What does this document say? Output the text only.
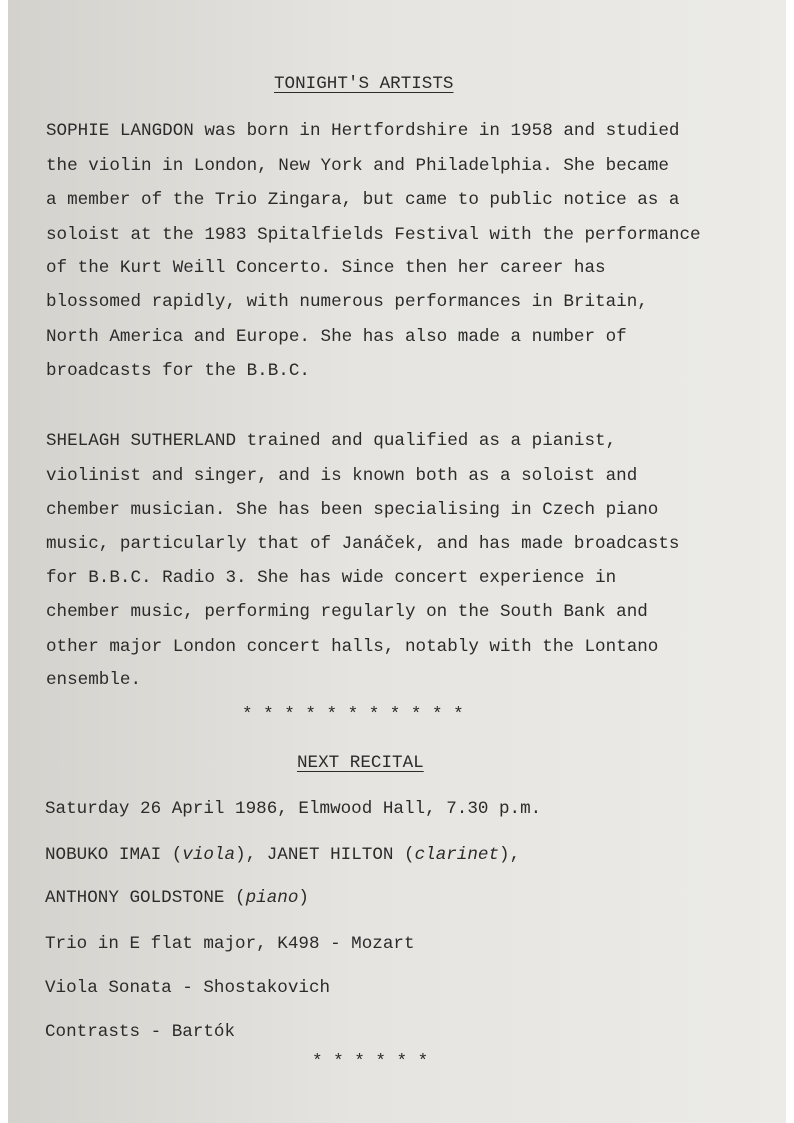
TONIGHT'S ARTISTS
SOPHIE LANGDON was born in Hertfordshire in 1958 and studied
the violin in London, New York and Philadelphia. She became
a member of the Trio Zingara, but came to public notice as a
soloist at the 1983 Spitalfields Festival with the performance
of the Kurt Weill Concerto. Since then her career has
blossomed rapidly, with numerous performances in Britain,
North America and Europe. She has also made a number of
broadcasts for the B.B.C.
SHELAGH SUTHERLAND trained and qualified as a pianist,
violinist and singer, and is known both as a soloist and
chember musician. She has been specialising in Czech piano
music, particularly that of Janáček, and has made broadcasts
for B.B.C. Radio 3. She has wide concert experience in
chember music, performing regularly on the South Bank and
other major London concert halls, notably with the Lontano
ensemble.
* * * * * * * * * * *
NEXT RECITAL
Saturday 26 April 1986, Elmwood Hall, 7.30 p.m.
NOBUKO IMAI (viola), JANET HILTON (clarinet),
ANTHONY GOLDSTONE (piano)
Trio in E flat major, K498 - Mozart
Viola Sonata - Shostakovich
Contrasts - Bartók
* * * * * *
